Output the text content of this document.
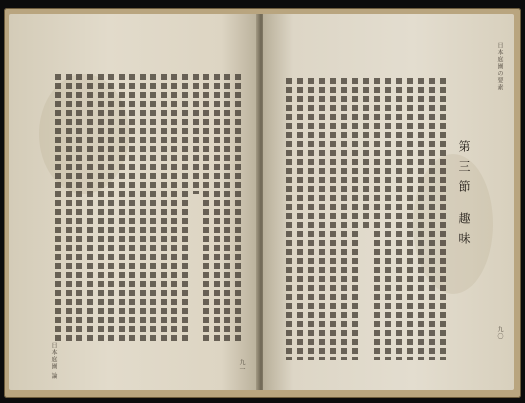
日本庭園 論	九一
日本庭園の要素
第三節 趣味
九〇
